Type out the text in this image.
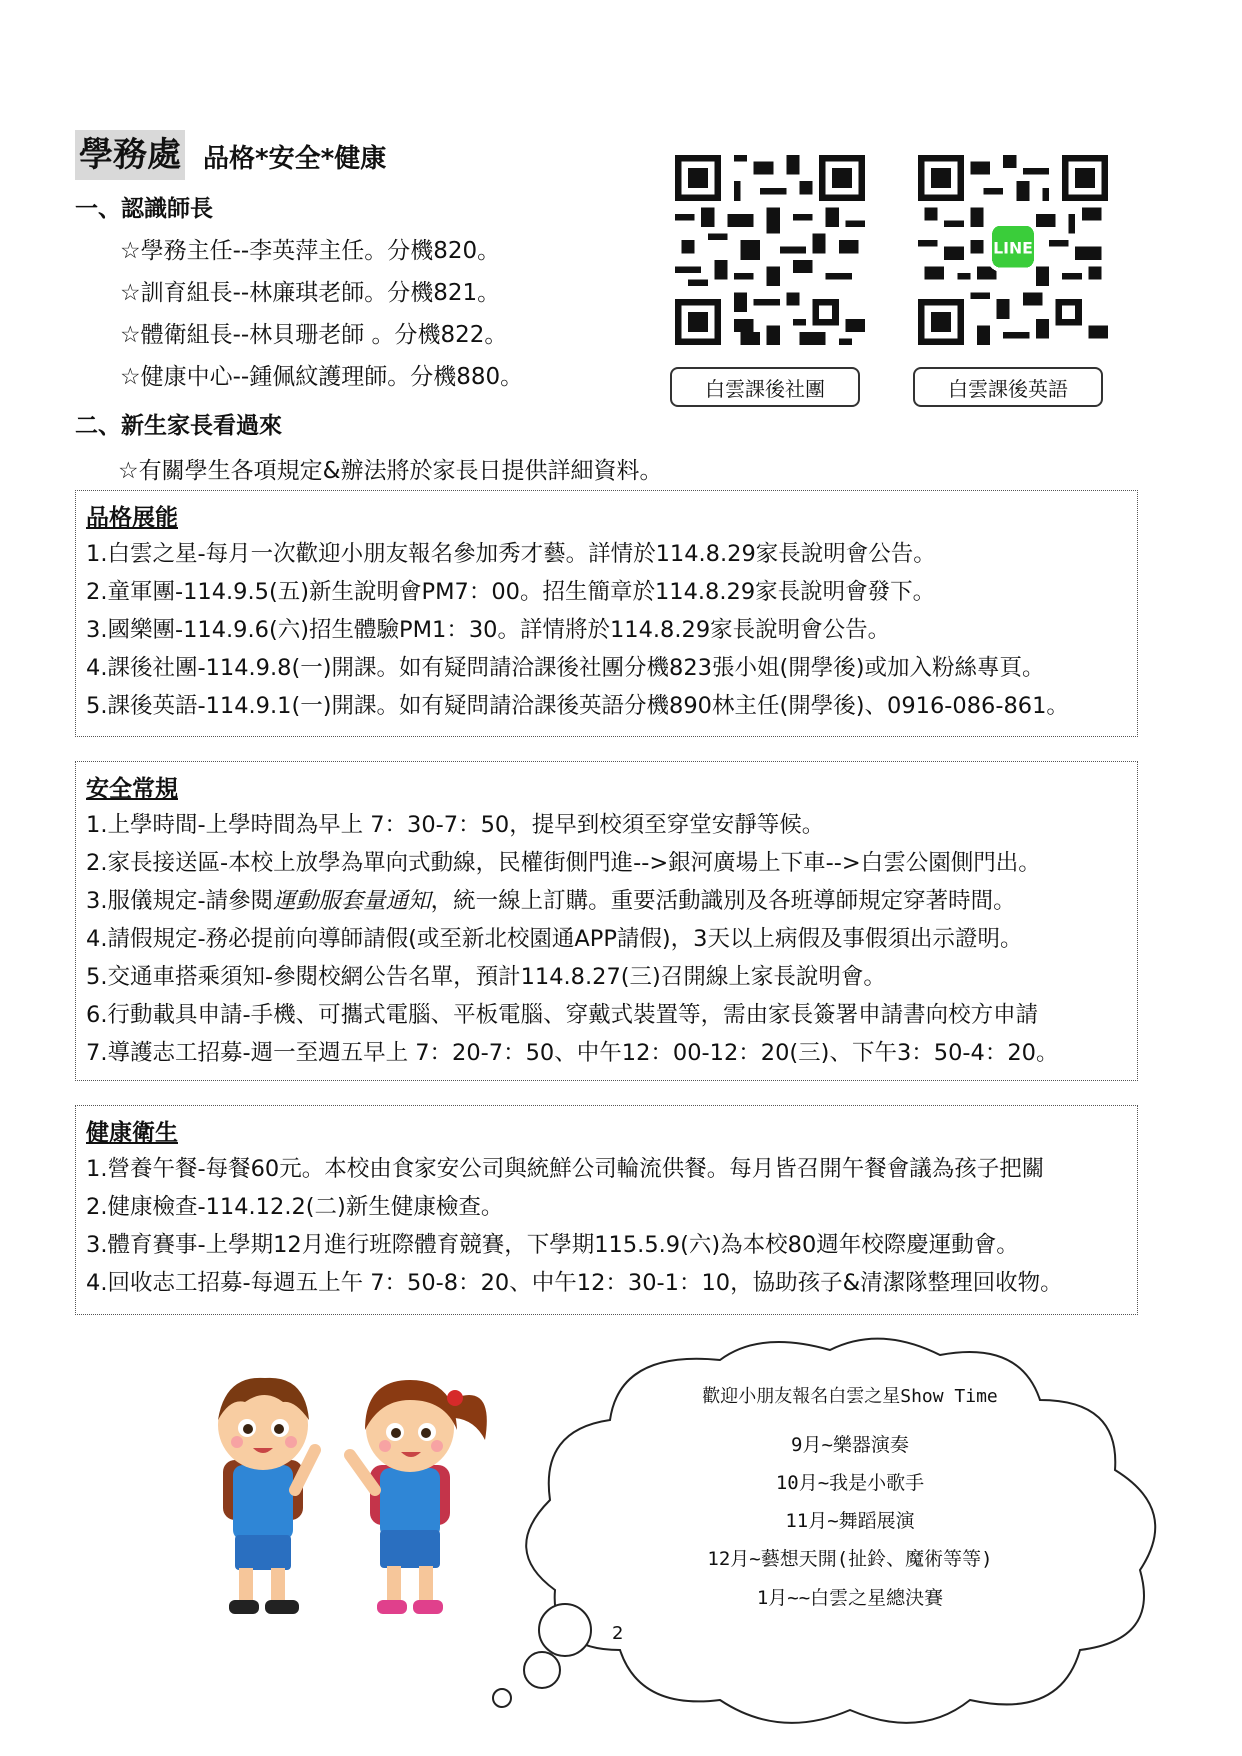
學務處 品格*安全*健康
一、認識師長
☆學務主任--李英萍主任。分機820。
☆訓育組長--林廉琪老師。分機821。
☆體衛組長--林貝珊老師 。分機822。
☆健康中心--鍾佩紋護理師。分機880。
二、新生家長看過來
☆有關學生各項規定&辦法將於家長日提供詳細資料。
白雲課後社團
LINE
白雲課後英語
品格展能
1.白雲之星-每月一次歡迎小朋友報名參加秀才藝。詳情於114.8.29家長說明會公告。
2.童軍團-114.9.5(五)新生說明會PM7：00。招生簡章於114.8.29家長說明會發下。
3.國樂團-114.9.6(六)招生體驗PM1：30。詳情將於114.8.29家長說明會公告。
4.課後社團-114.9.8(一)開課。如有疑問請洽課後社團分機823張小姐(開學後)或加入粉絲專頁。
5.課後英語-114.9.1(一)開課。如有疑問請洽課後英語分機890林主任(開學後)、0916-086-861。
安全常規
1.上學時間-上學時間為早上 7：30-7：50，提早到校須至穿堂安靜等候。
2.家長接送區-本校上放學為單向式動線，民權街側門進-->銀河廣場上下車-->白雲公園側門出。
3.服儀規定-請參閱運動服套量通知，統一線上訂購。重要活動識別及各班導師規定穿著時間。
4.請假規定-務必提前向導師請假(或至新北校園通APP請假)，3天以上病假及事假須出示證明。
5.交通車搭乘須知-參閱校網公告名單，預計114.8.27(三)召開線上家長說明會。
6.行動載具申請-手機、可攜式電腦、平板電腦、穿戴式裝置等，需由家長簽署申請書向校方申請
7.導護志工招募-週一至週五早上 7：20-7：50、中午12：00-12：20(三)、下午3：50-4：20。
健康衛生
1.營養午餐-每餐60元。本校由食家安公司與統鮮公司輪流供餐。每月皆召開午餐會議為孩子把關
2.健康檢查-114.12.2(二)新生健康檢查。
3.體育賽事-上學期12月進行班際體育競賽，下學期115.5.9(六)為本校80週年校際慶運動會。
4.回收志工招募-每週五上午 7：50-8：20、中午12：30-1：10，協助孩子&清潔隊整理回收物。
歡迎小朋友報名白雲之星Show Time
9月~樂器演奏
10月~我是小歌手
11月~舞蹈展演
12月~藝想天開(扯鈴、魔術等等)
1月~~白雲之星總決賽
2
